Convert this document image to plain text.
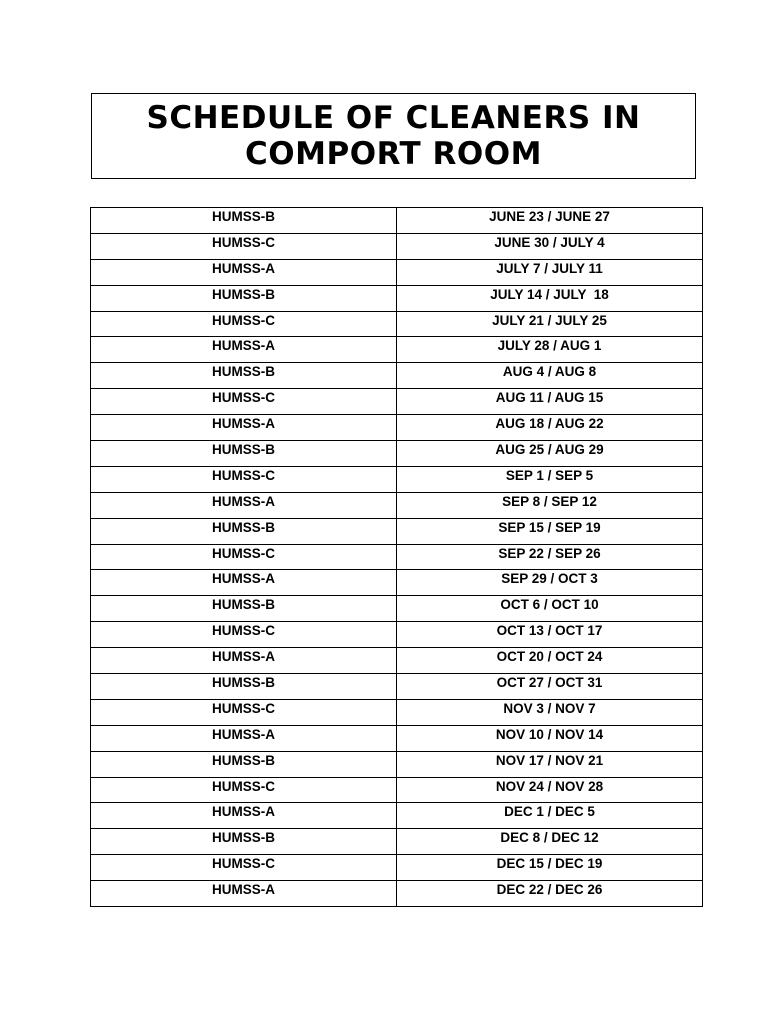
SCHEDULE OF CLEANERS IN
COMPORT ROOM

HUMSS-B	JUNE 23 / JUNE 27
HUMSS-C	JUNE 30 / JULY 4
HUMSS-A	JULY 7 / JULY 11
HUMSS-B	JULY 14 / JULY  18
HUMSS-C	JULY 21 / JULY 25
HUMSS-A	JULY 28 / AUG 1
HUMSS-B	AUG 4 / AUG 8
HUMSS-C	AUG 11 / AUG 15
HUMSS-A	AUG 18 / AUG 22
HUMSS-B	AUG 25 / AUG 29
HUMSS-C	SEP 1 / SEP 5
HUMSS-A	SEP 8 / SEP 12
HUMSS-B	SEP 15 / SEP 19
HUMSS-C	SEP 22 / SEP 26
HUMSS-A	SEP 29 / OCT 3
HUMSS-B	OCT 6 / OCT 10
HUMSS-C	OCT 13 / OCT 17
HUMSS-A	OCT 20 / OCT 24
HUMSS-B	OCT 27 / OCT 31
HUMSS-C	NOV 3 / NOV 7
HUMSS-A	NOV 10 / NOV 14
HUMSS-B	NOV 17 / NOV 21
HUMSS-C	NOV 24 / NOV 28
HUMSS-A	DEC 1 / DEC 5
HUMSS-B	DEC 8 / DEC 12
HUMSS-C	DEC 15 / DEC 19
HUMSS-A	DEC 22 / DEC 26
